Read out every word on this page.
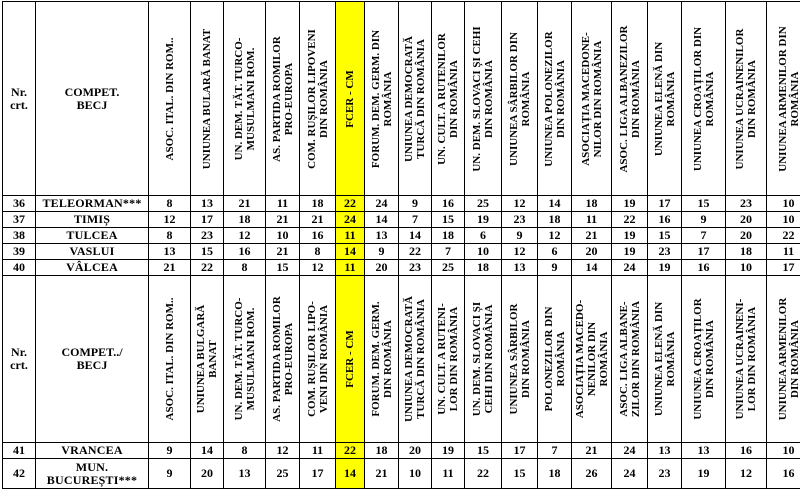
Nr.
crt.	COMPET.
BECJ	ASOC. ITAL. DIN ROM..	UNIUNEA BULARĂ BANAT	UN. DEM. TĂT. TURCO-
MUSULMANI ROM.	AS. PARTIDA ROMILOR
PRO-EUROPA	COM. RUȘILOR LIPOVENI
DIN ROMÂNIA	FCER - CM	FORUM. DEM. GERM. DIN
ROMÂNIA	UNIUNEA DEMOCRATĂ
TURCĂ DIN ROMÂNIA	UN. CULT. A RUTENILOR
DIN ROMÂNIA	UN. DEM. SLOVACI ȘI CEHI
DIN ROMÂNIA	UNIUNEA SÂRBILOR DIN
ROMÂNIA	UNIUNEA POLONEZILOR
DIN ROMÂNIA	ASOCIAȚIA MACEDONE-
NILOR DIN ROMÂNIA	ASOC. LIGA ALBANEZILOR
DIN ROMÂNIA	UNIUNEA ELENĂ DIN
ROMÂNIA	UNIUNEA CROAȚILOR DIN
ROMÂNIA	UNIUNEA UCRAINENILOR
DIN ROMÂNIA	UNIUNEA ARMENILOR DIN
ROMÂNIA

36	TELEORMAN***	8	13	21	11	18	22	24	9	16	25	12	14	18	19	17	15	23	10
37	TIMIȘ	12	17	18	21	21	24	14	7	15	19	23	18	11	22	16	9	20	10
38	TULCEA	8	23	12	10	16	11	13	14	18	6	9	12	21	19	15	7	20	22
39	VASLUI	13	15	16	21	8	14	9	22	7	10	12	6	20	19	23	17	18	11
40	VÂLCEA	21	22	8	15	12	11	20	23	25	18	13	9	14	24	19	16	10	17
Nr.
crt.	COMPET../
BECJ	ASOC. ITAL. DIN ROM..	UNIUNEA BULGARĂ
BANAT	UN. DEM. TĂT. TURCO-
MUSULMANI ROM.	AS. PARTIDA ROMILOR
PRO-EUROPA	COM. RUȘILOR LIPO-
VENI DIN ROMÂNIA	FCER - CM	FORUM. DEM. GERM.
DIN ROMÂNIA	UNIUNEA DEMOCRATĂ
TURCĂ DIN ROMÂNIA	UN. CULT. A RUTENI-
LOR DIN ROMÂNIA	UN. DEM. SLOVACI ȘI
CEHI DIN ROMÂNIA	UNIUNEA SÂRBILOR
DIN ROMÂNIA	POLONEZILOR DIN
ROMÂNIA	ASOCIAȚIA MACEDO-
NENILOR DIN
ROMÂNIA	ASOC. LIGA ALBANE-
ZILOR DIN ROMÂNIA	UNIUNEA ELENĂ DIN
ROMÂNIA	UNIUNEA CROAȚILOR
DIN ROMÂNIA	UNIUNEA UCRAINENI-
LOR DIN ROMÂNIA	UNIUNEA ARMENILOR
DIN ROMÂNIA

41	VRANCEA	9	14	8	12	11	22	18	20	19	15	17	7	21	24	13	13	16	10
42	MUN.
BUCUREȘTI***	9	20	13	25	17	14	21	10	11	22	15	18	26	24	23	19	12	16
